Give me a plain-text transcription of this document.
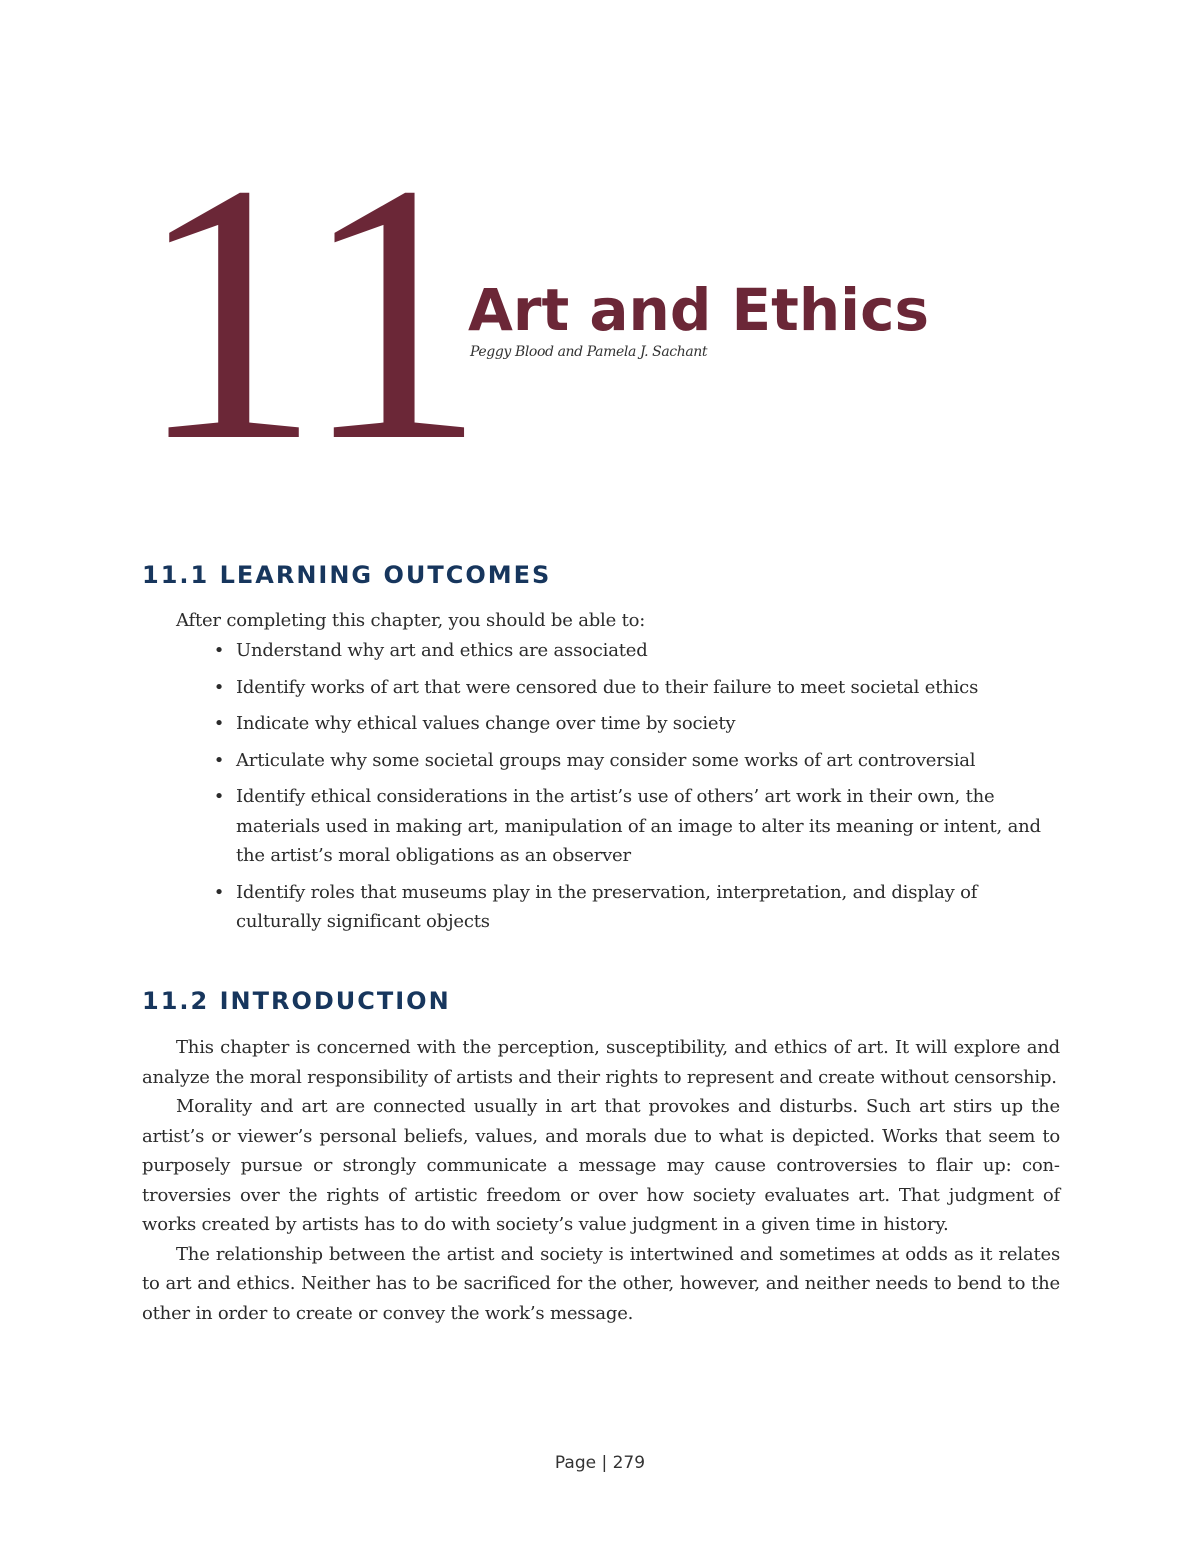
11
Art and Ethics
Peggy Blood and Pamela J. Sachant
11.1 LEARNING OUTCOMES
After completing this chapter, you should be able to:
• Understand why art and ethics are associated
• Identify works of art that were censored due to their failure to meet societal ethics
• Indicate why ethical values change over time by society
• Articulate why some societal groups may consider some works of art controversial
• Identify ethical considerations in the artist’s use of others’ art work in their own, the materials used in making art, manipulation of an image to alter its meaning or intent, and the artist’s moral obligations as an observer
• Identify roles that museums play in the preservation, interpretation, and display of culturally significant objects
11.2 INTRODUCTION

This chapter is concerned with the perception, susceptibility, and ethics of art. It will explore and analyze the moral responsibility of artists and their rights to represent and create without censorship.

Morality and art are connected usually in art that provokes and disturbs. Such art stirs up the artist’s or viewer’s personal beliefs, values, and morals due to what is depicted. Works that seem to purposely pursue or strongly communicate a message may cause controversies to flair up: controversies over the rights of artistic freedom or over how society evaluates art. That judgment of works created by artists has to do with society’s value judgment in a given time in history.

The relationship between the artist and society is intertwined and sometimes at odds as it relates to art and ethics. Neither has to be sacrificed for the other, however, and neither needs to bend to the other in order to create or convey the work’s message.

Page | 279
